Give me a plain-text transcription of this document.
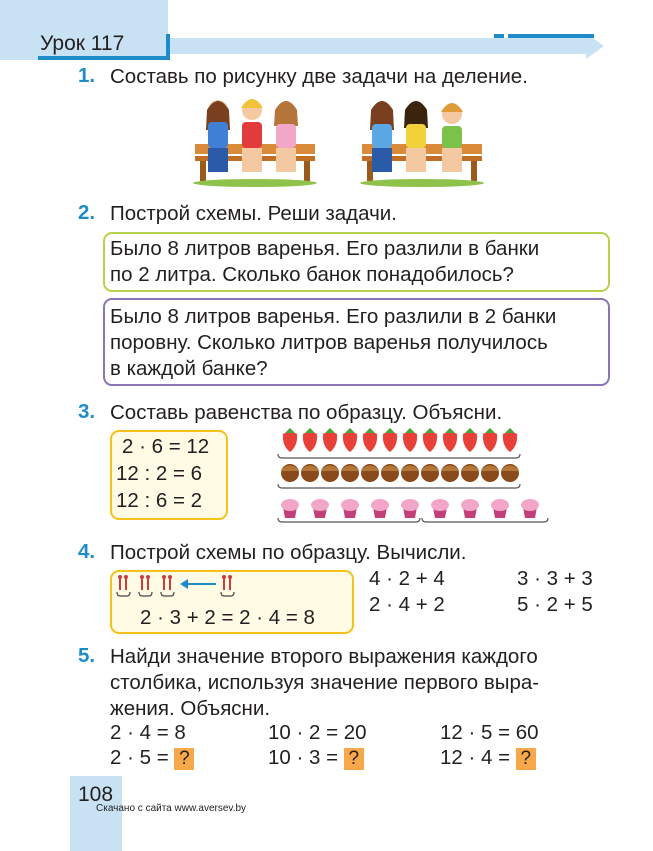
Урок 117
1. Составь по рисунку две задачи на деление.
2. Построй схемы. Реши задачи.
Было 8 литров варенья. Его разлили в банки
по 2 литра. Сколько банок понадобилось?
Было 8 литров варенья. Его разлили в 2 банки
поровну. Сколько литров варенья получилось
в каждой банке?
3. Составь равенства по образцу. Объясни.
2 · 6 = 12
12 : 2 = 6
12 : 6 = 2
4. Построй схемы по образцу. Вычисли.
2 · 3 + 2 = 2 · 4 = 8
4 · 2 + 4	3 · 3 + 3
2 · 4 + 2	5 · 2 + 5
5. Найди значение второго выражения каждого
столбика, используя значение первого выра-
жения. Объясни.
2 · 4 = 8	10 · 2 = 20	12 · 5 = 60
2 · 5 = ?	10 · 3 = ?	12 · 4 = ?
108
Скачано с сайта www.aversev.by
